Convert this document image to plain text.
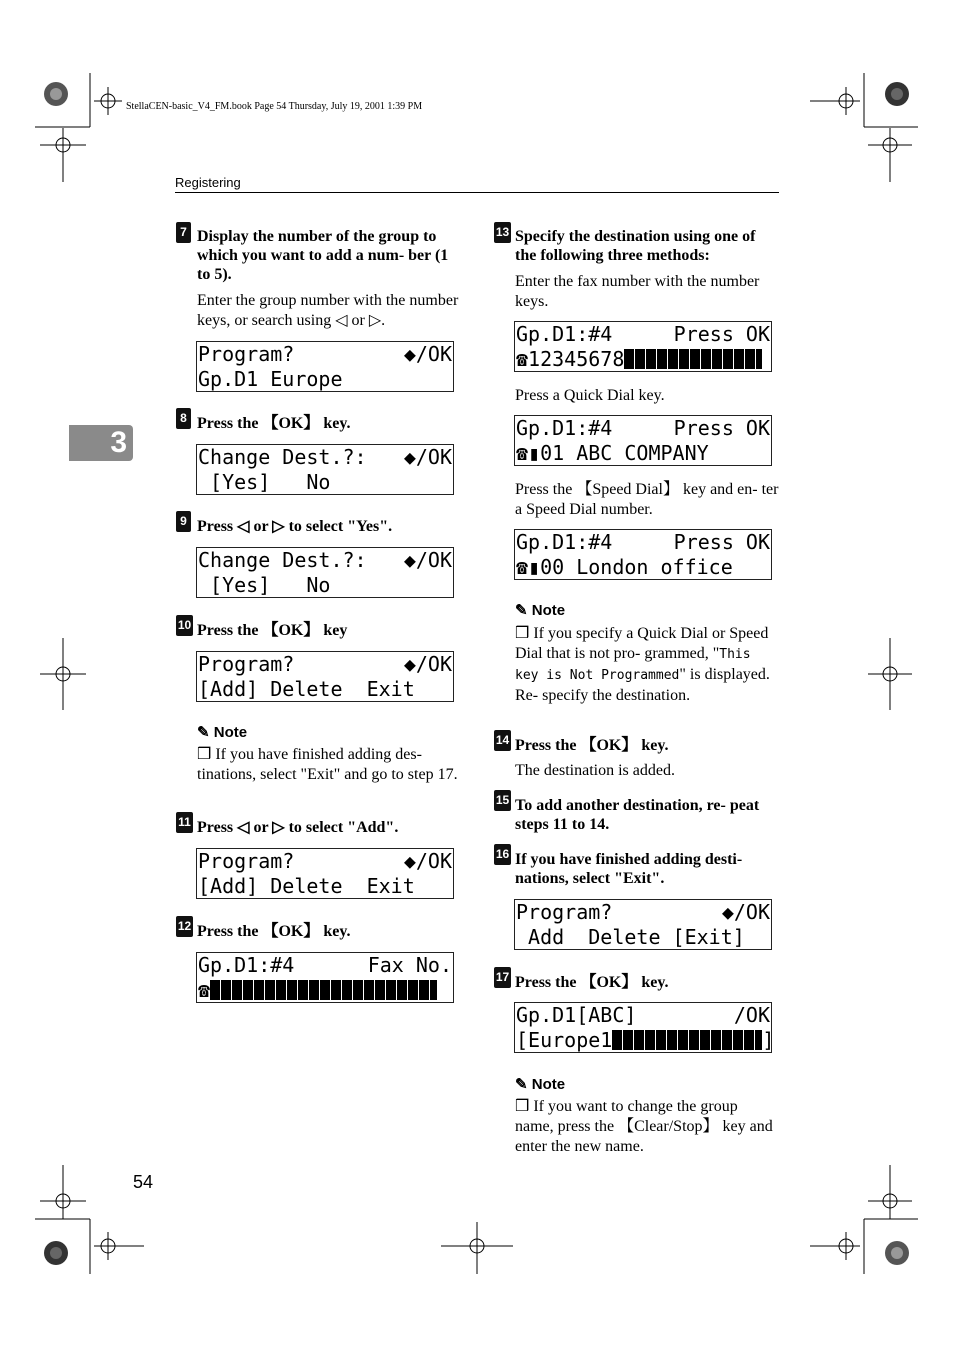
StellaCEN-basic_V4_FM.book Page 54 Thursday, July 19, 2001 1:39 PM
Registering
3
54
7 Display the number of the group to which you want to add a num- ber (1 to 5).
Enter the group number with the number keys, or search using ◁ or ▷.
Program?	◆/OK
Gp.D1 Europe
8 Press the 【OK】 key.
Change Dest.?: ◆/OK
[Yes]   No
9 Press ◁ or ▷ to select "Yes".
Change Dest.?: ◆/OK
[Yes]   No
10 Press the 【OK】 key
Program?	◆/OK
[Add] Delete  Exit
✎ Note
❒ If you have finished adding des- tinations, select "Exit" and go to step 17.
11 Press ◁ or ▷ to select "Add".
Program?	◆/OK
[Add] Delete  Exit
12 Press the 【OK】 key.
Gp.D1:#4	Fax No.
☎
13 Specify the destination using one of the following three methods:
Enter the fax number with the number keys.
Gp.D1:#4	Press OK
☎12345678
Press a Quick Dial key.
Gp.D1:#4	Press OK
☎▮01 ABC COMPANY
Press the 【Speed Dial】 key and en- ter a Speed Dial number.
Gp.D1:#4	Press OK
☎▮00 London office
✎ Note
❒ If you specify a Quick Dial or Speed Dial that is not pro- grammed, "This key is Not Programmed" is displayed. Re- specify the destination.
14 Press the 【OK】 key.
The destination is added.
15 To add another destination, re- peat steps 11 to 14.
16 If you have finished adding desti- nations, select "Exit".
Program?	◆/OK
Add  Delete [Exit]
17 Press the 【OK】 key.
Gp.D1[ABC]	/OK
[Europe1	]
✎ Note
❒ If you want to change the group name, press the 【Clear/Stop】 key and enter the new name.
